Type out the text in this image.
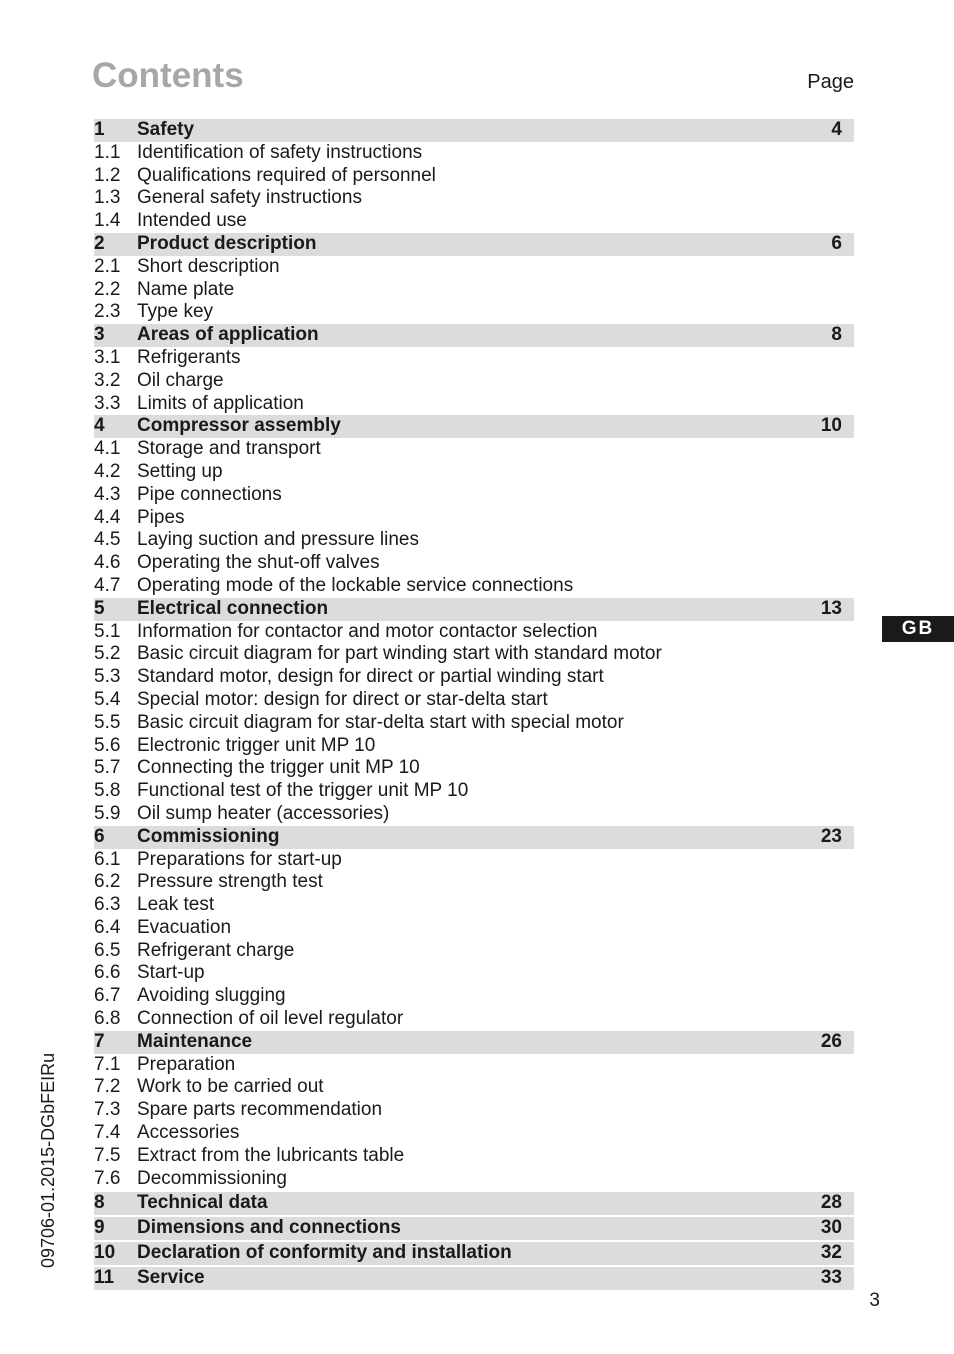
Contents	Page
1	Safety	4
1.1 Identification of safety instructions
1.2 Qualifications required of personnel
1.3 General safety instructions
1.4 Intended use
2	Product description	6
2.1 Short description
2.2 Name plate
2.3 Type key
3	Areas of application	8
3.1 Refrigerants
3.2 Oil charge
3.3 Limits of application
4	Compressor assembly	10
4.1 Storage and transport
4.2 Setting up
4.3 Pipe connections
4.4 Pipes
4.5 Laying suction and pressure lines
4.6 Operating the shut-off valves
4.7 Operating mode of the lockable service connections
5	Electrical connection	13
5.1 Information for contactor and motor contactor selection
5.2 Basic circuit diagram for part winding start with standard motor
5.3 Standard motor, design for direct or partial winding start
5.4 Special motor: design for direct or star-delta start
5.5 Basic circuit diagram for star-delta start with special motor
5.6 Electronic trigger unit MP 10
5.7 Connecting the trigger unit MP 10
5.8 Functional test of the trigger unit MP 10
5.9 Oil sump heater (accessories)
6	Commissioning	23
6.1 Preparations for start-up
6.2 Pressure strength test
6.3 Leak test
6.4 Evacuation
6.5 Refrigerant charge
6.6 Start-up
6.7 Avoiding slugging
6.8 Connection of oil level regulator
7	Maintenance	26
7.1 Preparation
7.2 Work to be carried out
7.3 Spare parts recommendation
7.4 Accessories
7.5 Extract from the lubricants table
7.6 Decommissioning
8	Technical data	28
9	Dimensions and connections	30
10	Declaration of conformity and installation	32
11	Service	33
GB
09706-01.2015-DGbFEIRu
3
